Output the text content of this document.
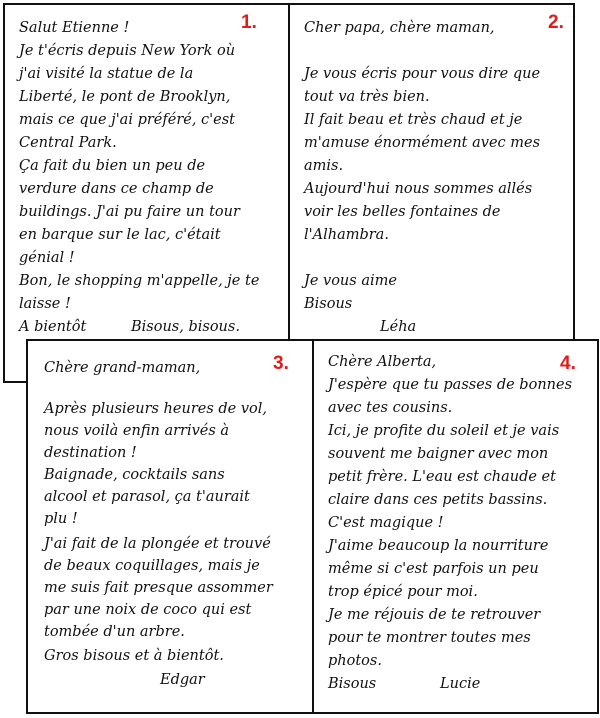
1.
Salut Etienne !
Je t'écris depuis New York où
j'ai visité la statue de la
Liberté, le pont de Brooklyn,
mais ce que j'ai préféré, c'est
Central Park.
Ça fait du bien un peu de
verdure dans ce champ de
buildings. J'ai pu faire un tour
en barque sur le lac, c'était
génial !
Bon, le shopping m'appelle, je te
laisse !
A bientôt	Bisous, bisous.
2.
Cher papa, chère maman,
Je vous écris pour vous dire que
tout va très bien.
Il fait beau et très chaud et je
m'amuse énormément avec mes
amis.
Aujourd'hui nous sommes allés
voir les belles fontaines de
l'Alhambra.
Je vous aime
Bisous
Léha
3.
Chère grand-maman,
Après plusieurs heures de vol,
nous voilà enfin arrivés à
destination !
Baignade, cocktails sans
alcool et parasol, ça t'aurait
plu !
J'ai fait de la plongée et trouvé
de beaux coquillages, mais je
me suis fait presque assommer
par une noix de coco qui est
tombée d'un arbre.
Gros bisous et à bientôt.
Edgar
4.
Chère Alberta,
J'espère que tu passes de bonnes
avec tes cousins.
Ici, je profite du soleil et je vais
souvent me baigner avec mon
petit frère. L'eau est chaude et
claire dans ces petits bassins.
C'est magique !
J'aime beaucoup la nourriture
même si c'est parfois un peu
trop épicé pour moi.
Je me réjouis de te retrouver
pour te montrer toutes mes
photos.
Bisous	Lucie
